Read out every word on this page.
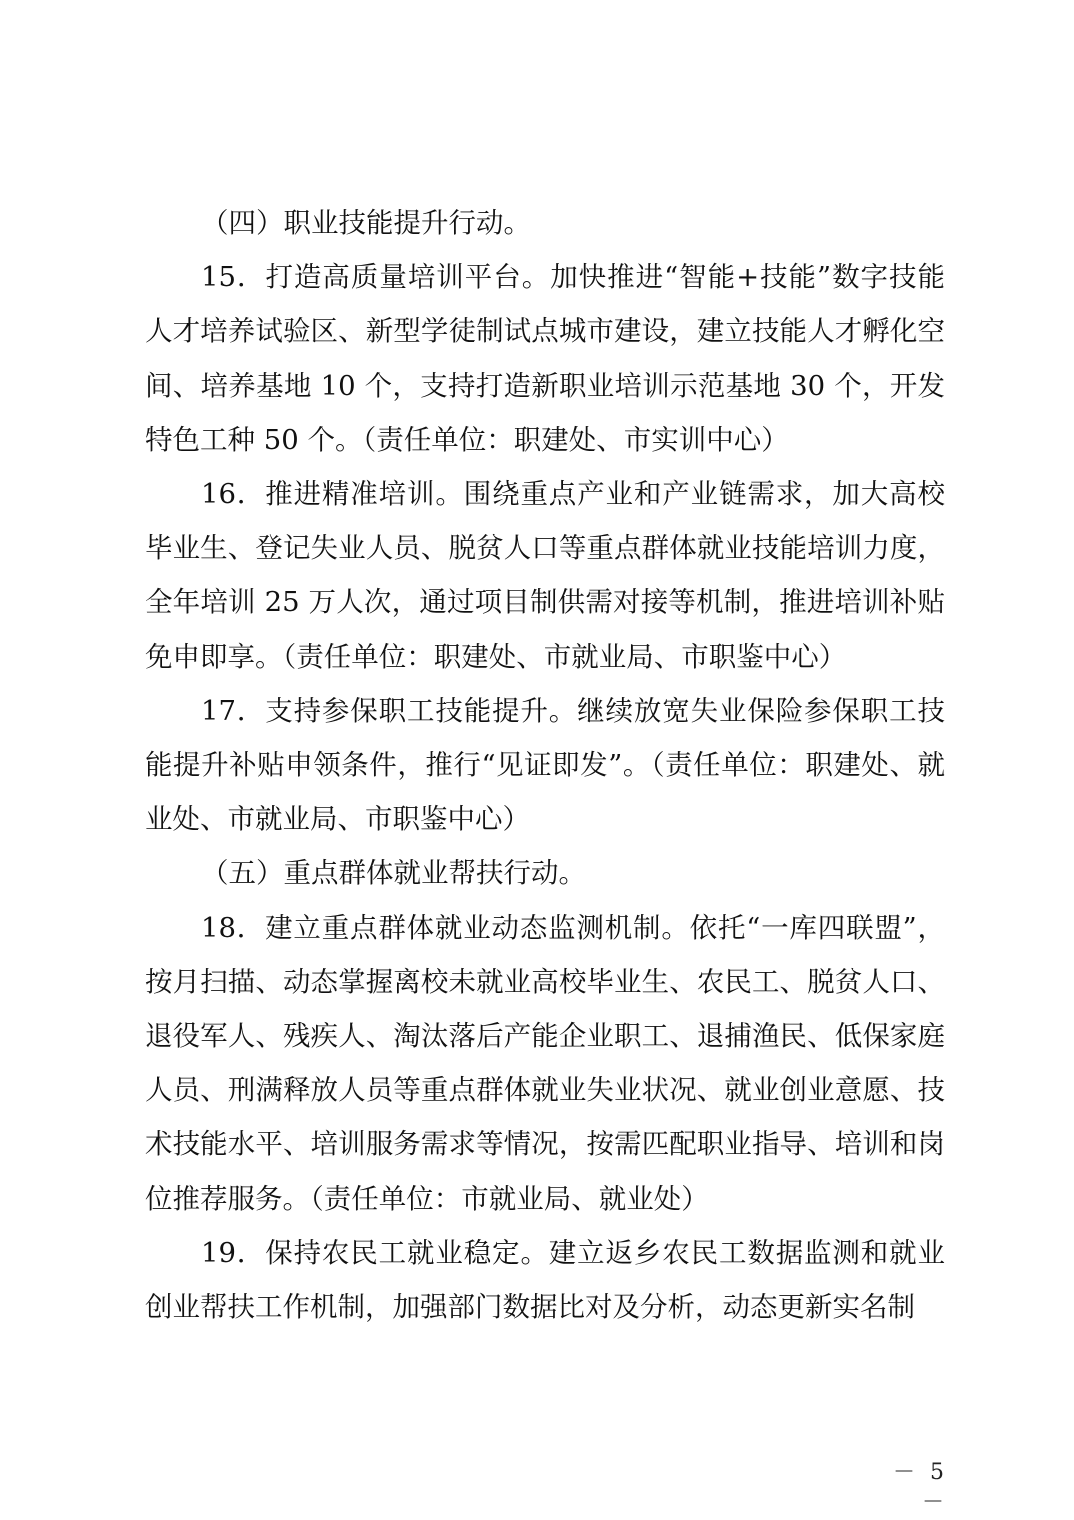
（四）职业技能提升行动。

15．打造高质量培训平台。加快推进“智能+技能”数字技能人才培养试验区、新型学徒制试点城市建设，建立技能人才孵化空间、培养基地 10 个，支持打造新职业培训示范基地 30 个，开发特色工种 50 个。（责任单位：职建处、市实训中心）

16．推进精准培训。围绕重点产业和产业链需求，加大高校毕业生、登记失业人员、脱贫人口等重点群体就业技能培训力度，全年培训 25 万人次，通过项目制供需对接等机制，推进培训补贴免申即享。（责任单位：职建处、市就业局、市职鉴中心）

17．支持参保职工技能提升。继续放宽失业保险参保职工技能提升补贴申领条件，推行“见证即发”。（责任单位：职建处、就业处、市就业局、市职鉴中心）

（五）重点群体就业帮扶行动。

18．建立重点群体就业动态监测机制。依托“一库四联盟”，按月扫描、动态掌握离校未就业高校毕业生、农民工、脱贫人口、退役军人、残疾人、淘汰落后产能企业职工、退捕渔民、低保家庭人员、刑满释放人员等重点群体就业失业状况、就业创业意愿、技术技能水平、培训服务需求等情况，按需匹配职业指导、培训和岗位推荐服务。（责任单位：市就业局、就业处）

19．保持农民工就业稳定。建立返乡农民工数据监测和就业创业帮扶工作机制，加强部门数据比对及分析，动态更新实名制

－ 5 －
